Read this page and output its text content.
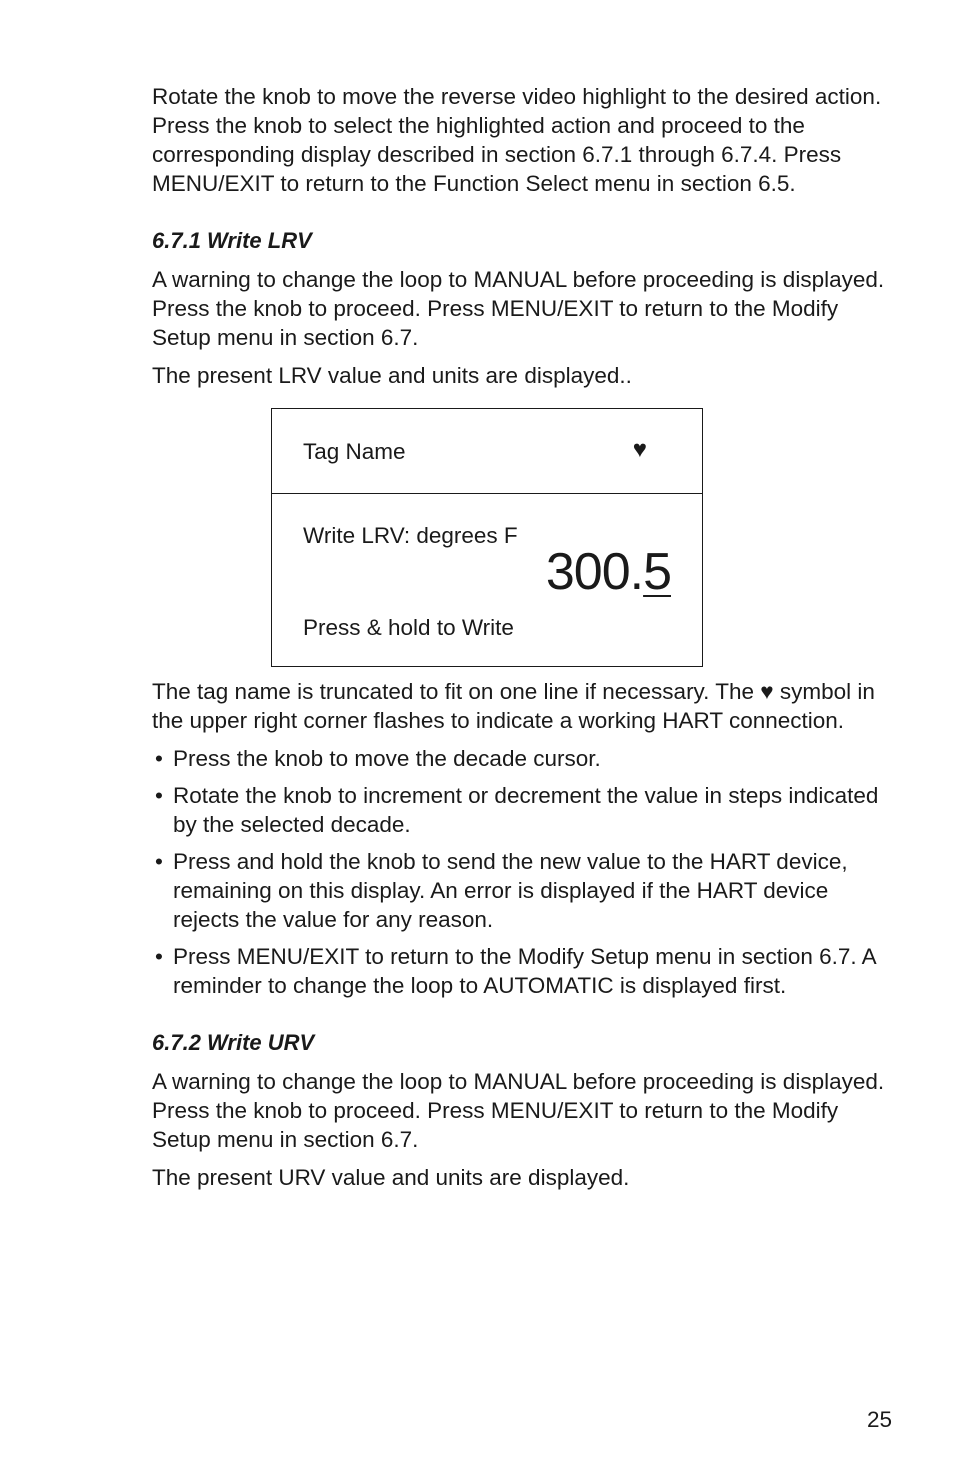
Rotate the knob to move the reverse video highlight to the desired action. Press the knob to select the highlighted action and proceed to the corresponding display described in section 6.7.1 through 6.7.4. Press MENU/EXIT to return to the Function Select menu in section 6.5.

6.7.1 Write LRV

A warning to change the loop to MANUAL before proceeding is displayed. Press the knob to proceed. Press MENU/EXIT to return to the Modify Setup menu in section 6.7.

The present LRV value and units are displayed..

Tag Name	♥
Write LRV: degrees F
300.5
Press & hold to Write

The tag name is truncated to fit on one line if necessary. The ♥ symbol in the upper right corner flashes to indicate a working HART connection.

• Press the knob to move the decade cursor.
• Rotate the knob to increment or decrement the value in steps indicated by the selected decade.
• Press and hold the knob to send the new value to the HART device, remaining on this display. An error is displayed if the HART device rejects the value for any reason.
• Press MENU/EXIT to return to the Modify Setup menu in section 6.7. A reminder to change the loop to AUTOMATIC is displayed first.
6.7.2 Write URV

A warning to change the loop to MANUAL before proceeding is displayed. Press the knob to proceed. Press MENU/EXIT to return to the Modify Setup menu in section 6.7.

The present URV value and units are displayed.

25
